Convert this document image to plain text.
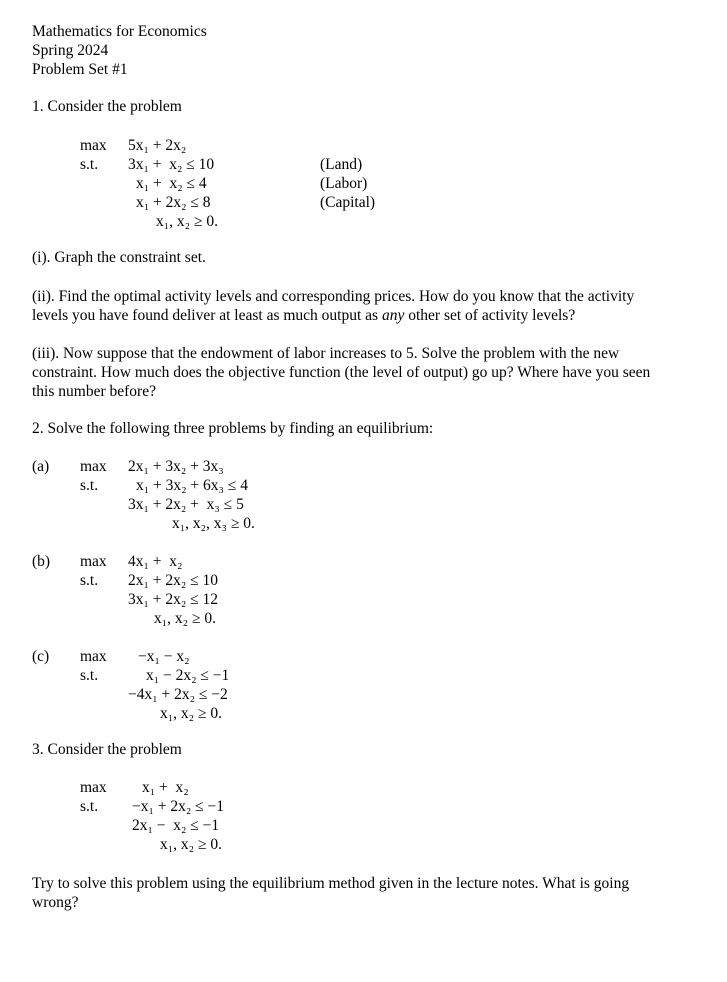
Mathematics for Economics
Spring 2024
Problem Set #1
1. Consider the problem
max
s.t.
5x₁ + 2x₂
3x₁ +  x₂ ≤ 10
x₁ +  x₂ ≤ 4
x₁ + 2x₂ ≤ 8
x₁, x₂ ≥ 0.
(Land)
(Labor)
(Capital)
(i). Graph the constraint set.
(ii). Find the optimal activity levels and corresponding prices. How do you know that the activity levels you have found deliver at least as much output as any other set of activity levels?
(iii). Now suppose that the endowment of labor increases to 5. Solve the problem with the new constraint. How much does the objective function (the level of output) go up? Where have you seen this number before?
2. Solve the following three problems by finding an equilibrium:
(a) max
s.t.
2x₁ + 3x₂ + 3x₃
x₁ + 3x₂ + 6x₃ ≤ 4
3x₁ + 2x₂ +  x₃ ≤ 5
x₁, x₂, x₃ ≥ 0.
(b) max
s.t.
4x₁ +  x₂
2x₁ + 2x₂ ≤ 10
3x₁ + 2x₂ ≤ 12
x₁, x₂ ≥ 0.
(c) max
s.t.
−x₁ − x₂
x₁ − 2x₂ ≤ −1
−4x₁ + 2x₂ ≤ −2
x₁, x₂ ≥ 0.
3. Consider the problem
max
s.t.
x₁ +  x₂
−x₁ + 2x₂ ≤ −1
2x₁ −  x₂ ≤ −1
x₁, x₂ ≥ 0.
Try to solve this problem using the equilibrium method given in the lecture notes. What is going wrong?
